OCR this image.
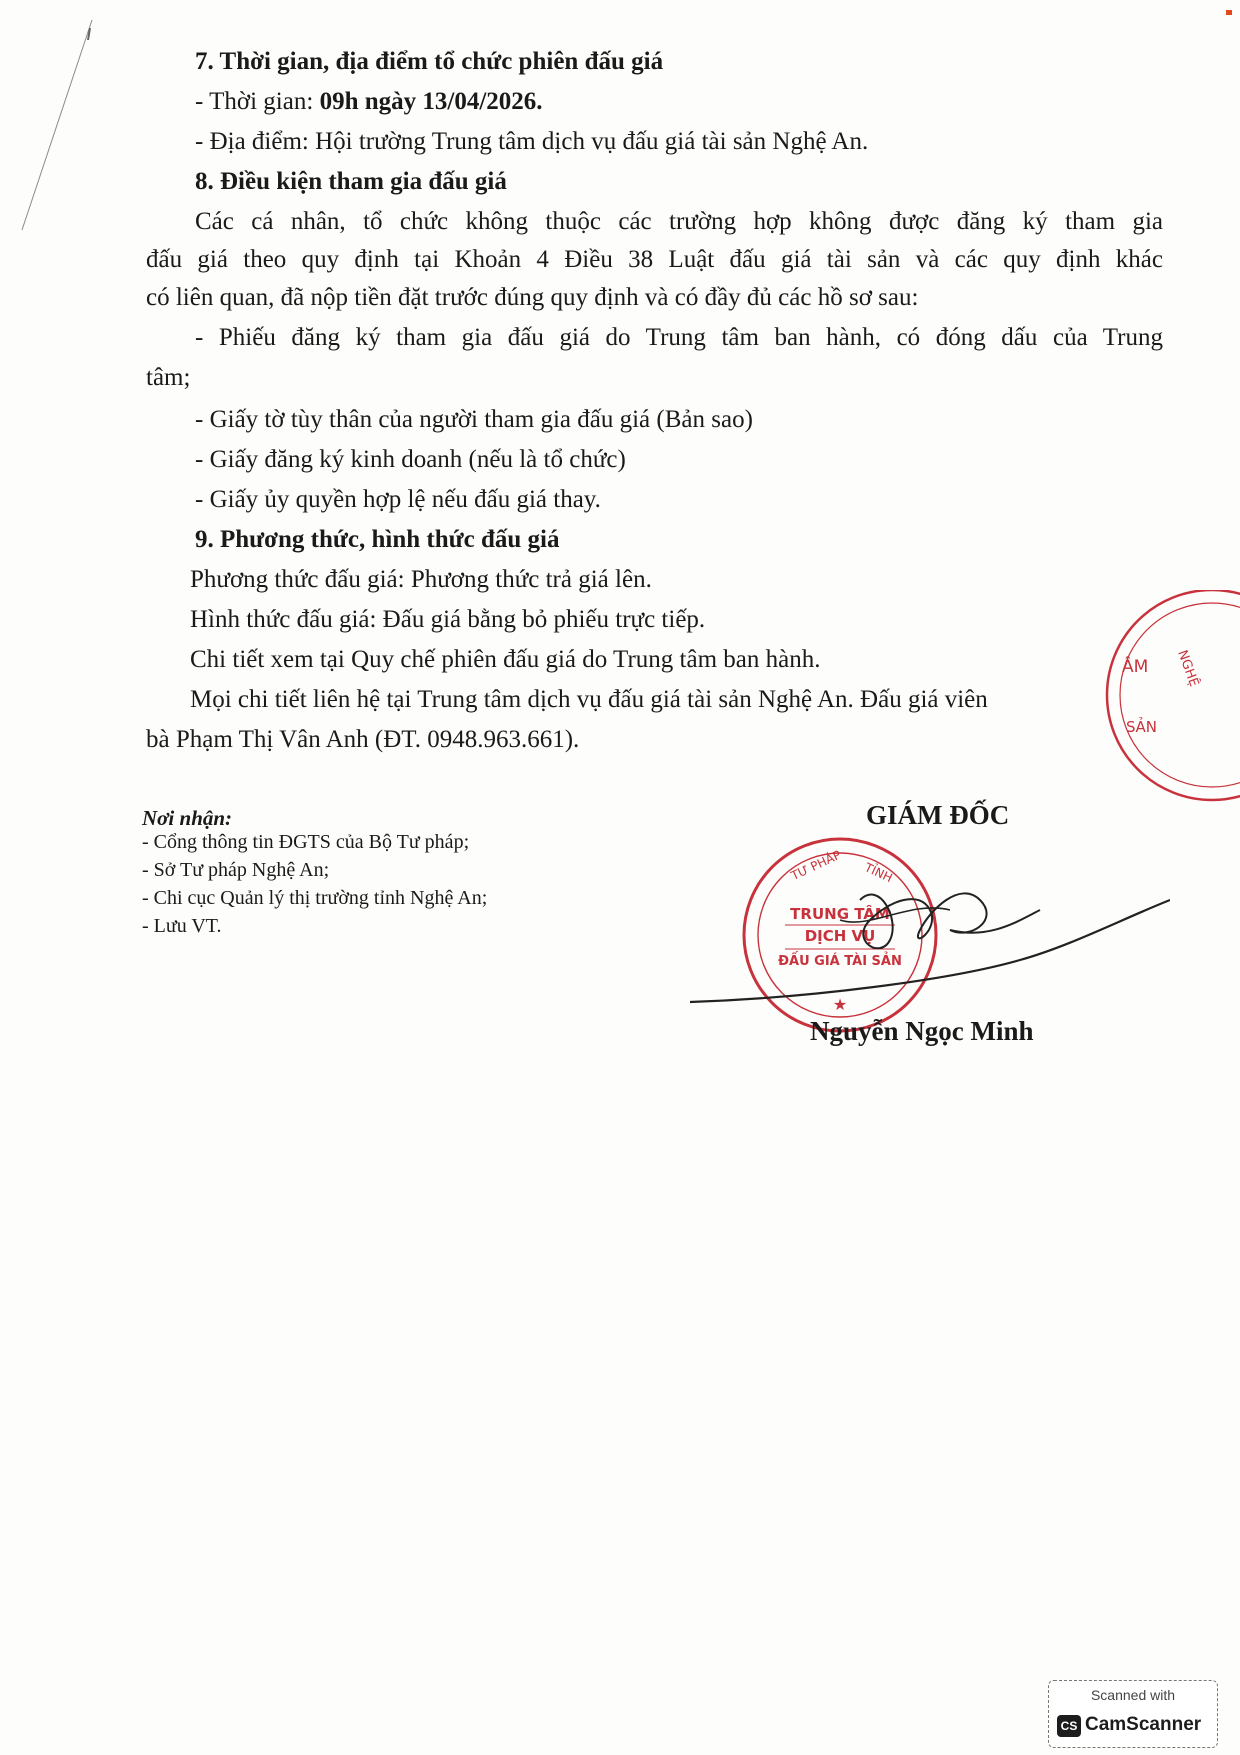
7. Thời gian, địa điểm tổ chức phiên đấu giá
- Thời gian: 09h ngày 13/04/2026.
- Địa điểm: Hội trường Trung tâm dịch vụ đấu giá tài sản Nghệ An.
8. Điều kiện tham gia đấu giá
Các cá nhân, tổ chức không thuộc các trường hợp không được đăng ký tham gia
đấu giá theo quy định tại Khoản 4 Điều 38 Luật đấu giá tài sản và các quy định khác
có liên quan, đã nộp tiền đặt trước đúng quy định và có đầy đủ các hồ sơ sau:
- Phiếu đăng ký tham gia đấu giá do Trung tâm ban hành, có đóng dấu của Trung
tâm;
- Giấy tờ tùy thân của người tham gia đấu giá (Bản sao)
- Giấy đăng ký kinh doanh (nếu là tổ chức)
- Giấy ủy quyền hợp lệ nếu đấu giá thay.
9. Phương thức, hình thức đấu giá
Phương thức đấu giá: Phương thức trả giá lên.
Hình thức đấu giá: Đấu giá bằng bỏ phiếu trực tiếp.
Chi tiết xem tại Quy chế phiên đấu giá do Trung tâm ban hành.
Mọi chi tiết liên hệ tại Trung tâm dịch vụ đấu giá tài sản Nghệ An. Đấu giá viên
bà Phạm Thị Vân Anh (ĐT. 0948.963.661).
ÂM
SẢN
NGHỆ
Nơi nhận:
- Cổng thông tin ĐGTS của Bộ Tư pháp;
- Sở Tư pháp Nghệ An;
- Chi cục Quản lý thị trường tỉnh Nghệ An;
- Lưu VT.
GIÁM ĐỐC
TƯ PHÁP TỈNH
TRUNG TÂM
DỊCH VỤ
ĐẤU GIÁ TÀI SẢN
★
Nguyễn Ngọc Minh
Scanned with
CS CamScanner
